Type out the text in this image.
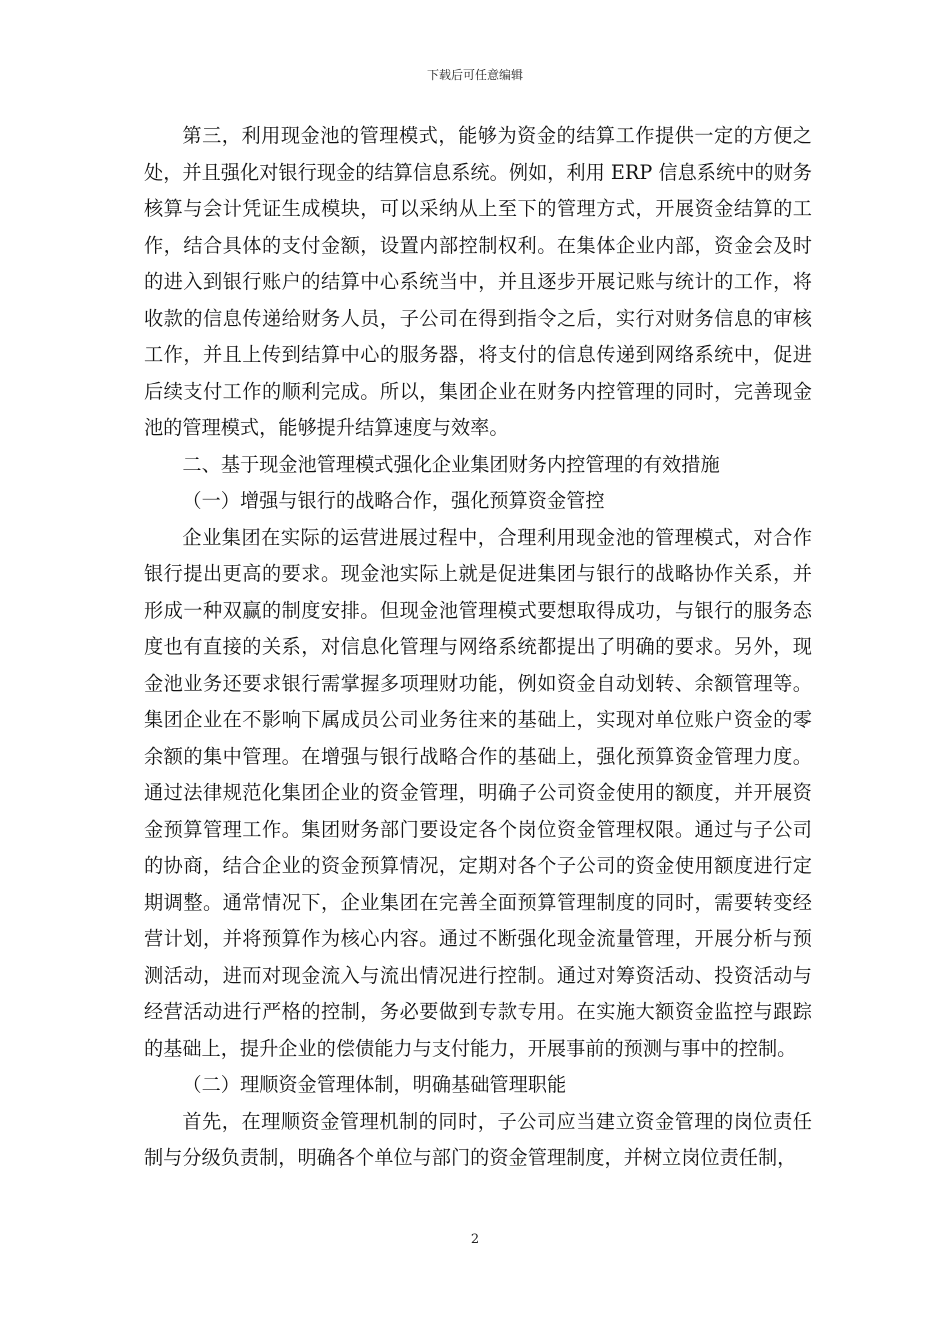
下载后可任意编辑

第三，利用现金池的管理模式，能够为资金的结算工作提供一定的方便之处，并且强化对银行现金的结算信息系统。例如，利用 ERP 信息系统中的财务核算与会计凭证生成模块，可以采纳从上至下的管理方式，开展资金结算的工作，结合具体的支付金额，设置内部控制权利。在集体企业内部，资金会及时的进入到银行账户的结算中心系统当中，并且逐步开展记账与统计的工作，将收款的信息传递给财务人员，子公司在得到指令之后，实行对财务信息的审核工作，并且上传到结算中心的服务器，将支付的信息传递到网络系统中，促进后续支付工作的顺利完成。所以，集团企业在财务内控管理的同时，完善现金池的管理模式，能够提升结算速度与效率。

二、基于现金池管理模式强化企业集团财务内控管理的有效措施

（一）增强与银行的战略合作，强化预算资金管控

企业集团在实际的运营进展过程中，合理利用现金池的管理模式，对合作银行提出更高的要求。现金池实际上就是促进集团与银行的战略协作关系，并形成一种双赢的制度安排。但现金池管理模式要想取得成功，与银行的服务态度也有直接的关系，对信息化管理与网络系统都提出了明确的要求。另外，现金池业务还要求银行需掌握多项理财功能，例如资金自动划转、余额管理等。集团企业在不影响下属成员公司业务往来的基础上，实现对单位账户资金的零余额的集中管理。在增强与银行战略合作的基础上，强化预算资金管理力度。通过法律规范化集团企业的资金管理，明确子公司资金使用的额度，并开展资金预算管理工作。集团财务部门要设定各个岗位资金管理权限。通过与子公司的协商，结合企业的资金预算情况，定期对各个子公司的资金使用额度进行定期调整。通常情况下，企业集团在完善全面预算管理制度的同时，需要转变经营计划，并将预算作为核心内容。通过不断强化现金流量管理，开展分析与预测活动，进而对现金流入与流出情况进行控制。通过对筹资活动、投资活动与经营活动进行严格的控制，务必要做到专款专用。在实施大额资金监控与跟踪的基础上，提升企业的偿债能力与支付能力，开展事前的预测与事中的控制。

（二）理顺资金管理体制，明确基础管理职能

首先，在理顺资金管理机制的同时，子公司应当建立资金管理的岗位责任制与分级负责制，明确各个单位与部门的资金管理制度，并树立岗位责任制，

2
